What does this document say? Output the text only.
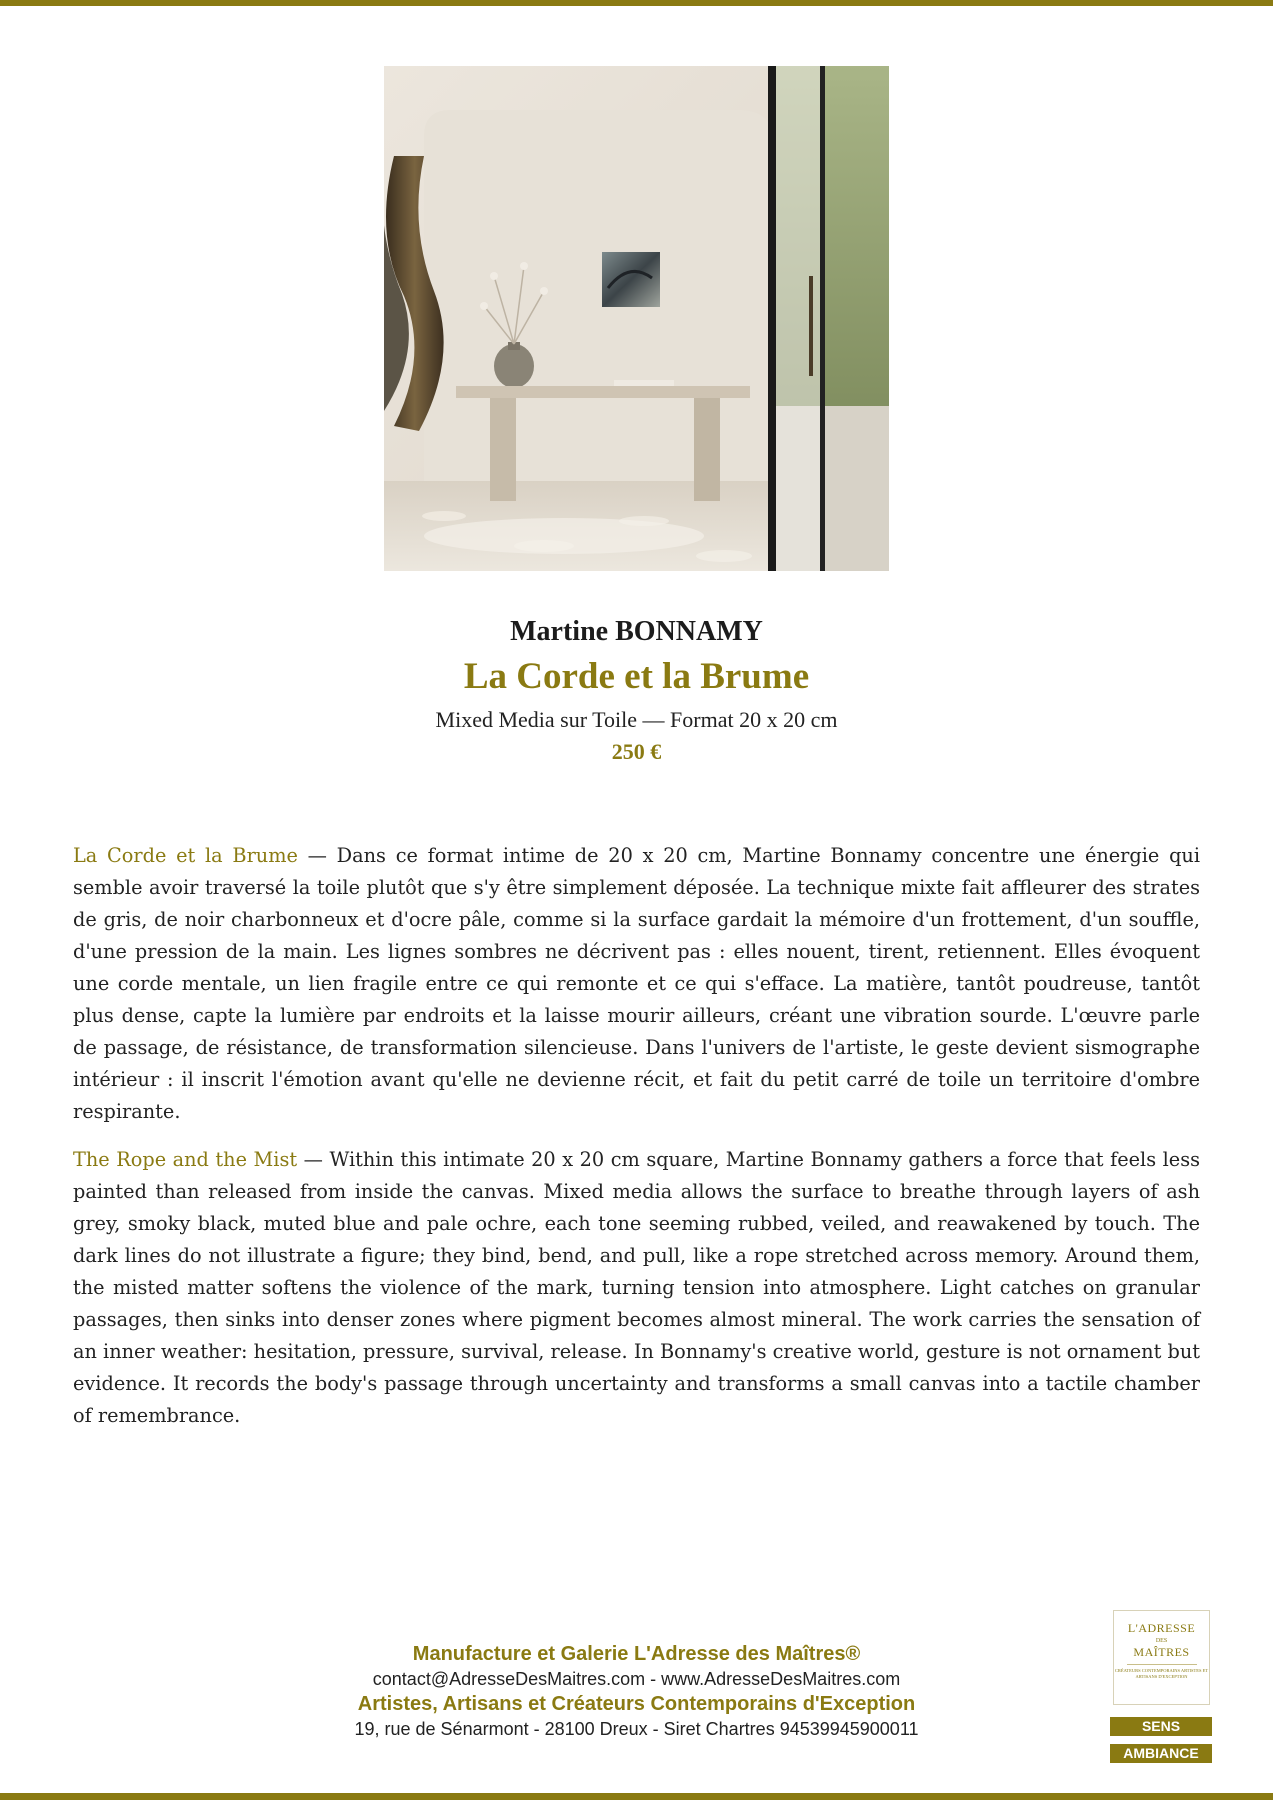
Martine BONNAMY
La Corde et la Brume
Mixed Media sur Toile — Format 20 x 20 cm
250 €

La Corde et la Brume — Dans ce format intime de 20 x 20 cm, Martine Bonnamy concentre une énergie qui semble avoir traversé la toile plutôt que s'y être simplement déposée. La technique mixte fait affleurer des strates de gris, de noir charbonneux et d'ocre pâle, comme si la surface gardait la mémoire d'un frottement, d'un souffle, d'une pression de la main. Les lignes sombres ne décrivent pas : elles nouent, tirent, retiennent. Elles évoquent une corde mentale, un lien fragile entre ce qui remonte et ce qui s'efface. La matière, tantôt poudreuse, tantôt plus dense, capte la lumière par endroits et la laisse mourir ailleurs, créant une vibration sourde. L'œuvre parle de passage, de résistance, de transformation silencieuse. Dans l'univers de l'artiste, le geste devient sismographe intérieur : il inscrit l'émotion avant qu'elle ne devienne récit, et fait du petit carré de toile un territoire d'ombre respirante.

The Rope and the Mist — Within this intimate 20 x 20 cm square, Martine Bonnamy gathers a force that feels less painted than released from inside the canvas. Mixed media allows the surface to breathe through layers of ash grey, smoky black, muted blue and pale ochre, each tone seeming rubbed, veiled, and reawakened by touch. The dark lines do not illustrate a figure; they bind, bend, and pull, like a rope stretched across memory. Around them, the misted matter softens the violence of the mark, turning tension into atmosphere. Light catches on granular passages, then sinks into denser zones where pigment becomes almost mineral. The work carries the sensation of an inner weather: hesitation, pressure, survival, release. In Bonnamy's creative world, gesture is not ornament but evidence. It records the body's passage through uncertainty and transforms a small canvas into a tactile chamber of remembrance.

Manufacture et Galerie L'Adresse des Maîtres®
contact@AdresseDesMaitres.com - www.AdresseDesMaitres.com
Artistes, Artisans et Créateurs Contemporains d'Exception
19, rue de Sénarmont - 28100 Dreux - Siret Chartres 94539945900011
L'ADRESSE
DES
MAÎTRES
CRÉATEURS CONTEMPORAINS ARTISTES ET ARTISANS D'EXCEPTION
SENS
AMBIANCE
